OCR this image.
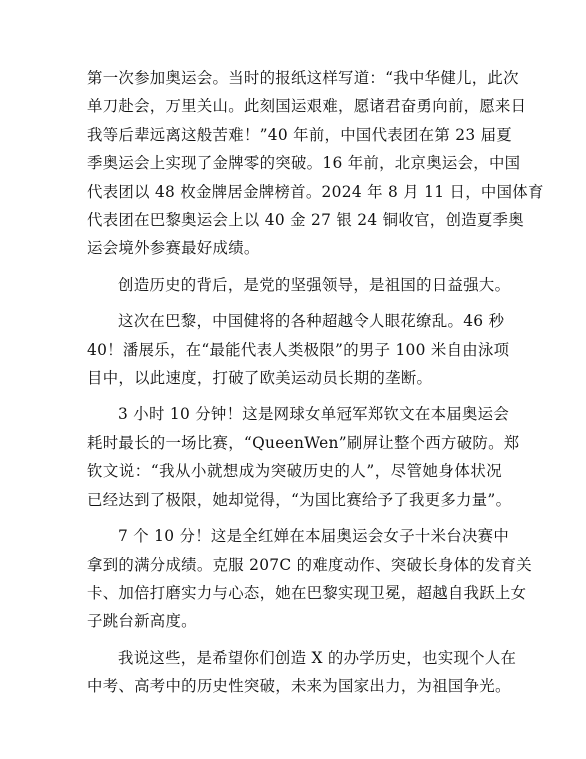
第一次参加奥运会。当时的报纸这样写道：“我中华健儿，此次
单刀赴会，万里关山。此刻国运艰难，愿诸君奋勇向前，愿来日
我等后辈远离这般苦难！”40 年前，中国代表团在第 23 届夏
季奥运会上实现了金牌零的突破。16 年前，北京奥运会，中国
代表团以 48 枚金牌居金牌榜首。2024 年 8 月 11 日，中国体育
代表团在巴黎奥运会上以 40 金 27 银 24 铜收官，创造夏季奥
运会境外参赛最好成绩。

创造历史的背后，是党的坚强领导，是祖国的日益强大。

这次在巴黎，中国健将的各种超越令人眼花缭乱。46 秒
40！潘展乐，在“最能代表人类极限”的男子 100 米自由泳项
目中，以此速度，打破了欧美运动员长期的垄断。

3 小时 10 分钟！这是网球女单冠军郑钦文在本届奥运会
耗时最长的一场比赛，“QueenWen”刷屏让整个西方破防。郑
钦文说：“我从小就想成为突破历史的人”，尽管她身体状况
已经达到了极限，她却觉得，“为国比赛给予了我更多力量”。

7 个 10 分！这是全红婵在本届奥运会女子十米台决赛中
拿到的满分成绩。克服 207C 的难度动作、突破长身体的发育关
卡、加倍打磨实力与心态，她在巴黎实现卫冕，超越自我跃上女
子跳台新高度。

我说这些，是希望你们创造 X 的办学历史，也实现个人在
中考、高考中的历史性突破，未来为国家出力，为祖国争光。
